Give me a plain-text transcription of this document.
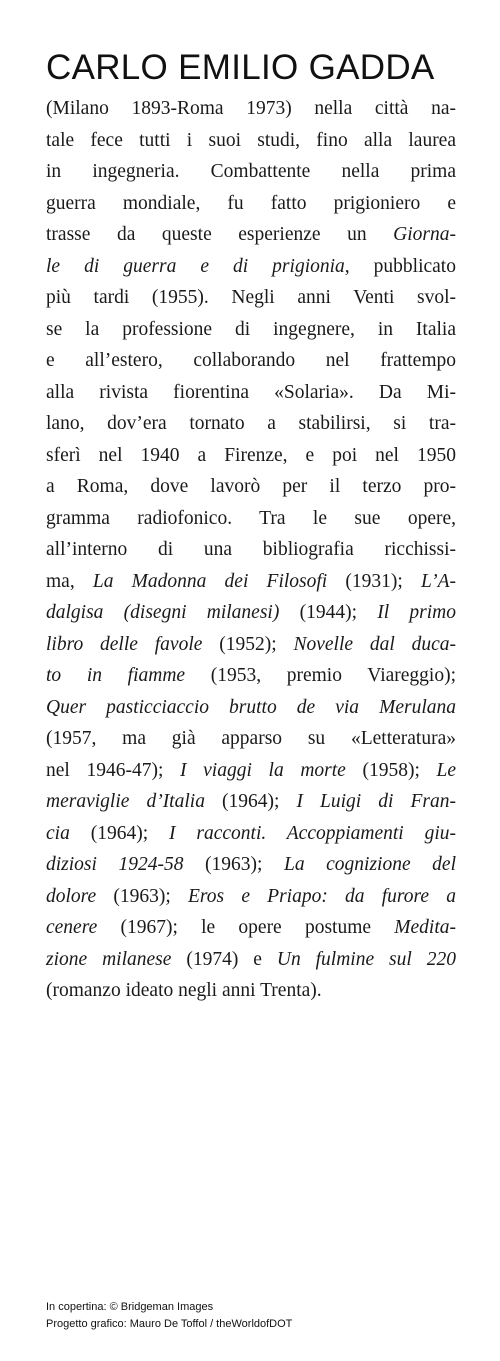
CARLO EMILIO GADDA
(Milano 1893-Roma 1973) nella città na-
tale fece tutti i suoi studi, fino alla laurea
in ingegneria. Combattente nella prima
guerra mondiale, fu fatto prigioniero e
trasse da queste esperienze un Giorna-
le di guerra e di prigionia, pubblicato
più tardi (1955). Negli anni Venti svol-
se la professione di ingegnere, in Italia
e all’estero, collaborando nel frattempo
alla rivista fiorentina «Solaria». Da Mi-
lano, dov’era tornato a stabilirsi, si tra-
sferì nel 1940 a Firenze, e poi nel 1950
a Roma, dove lavorò per il terzo pro-
gramma radiofonico. Tra le sue opere,
all’interno di una bibliografia ricchissi-
ma, La Madonna dei Filosofi (1931); L’A-
dalgisa (disegni milanesi) (1944); Il primo
libro delle favole (1952); Novelle dal duca-
to in fiamme (1953, premio Viareggio);
Quer pasticciaccio brutto de via Merulana
(1957, ma già apparso su «Letteratura»
nel 1946-47); I viaggi la morte (1958); Le
meraviglie d’Italia (1964); I Luigi di Fran-
cia (1964); I racconti. Accoppiamenti giu-
diziosi 1924-58 (1963); La cognizione del
dolore (1963); Eros e Priapo: da furore a
cenere (1967); le opere postume Medita-
zione milanese (1974) e Un fulmine sul 220
(romanzo ideato negli anni Trenta).
In copertina: © Bridgeman Images
Progetto grafico: Mauro De Toffol / theWorldofDOT
